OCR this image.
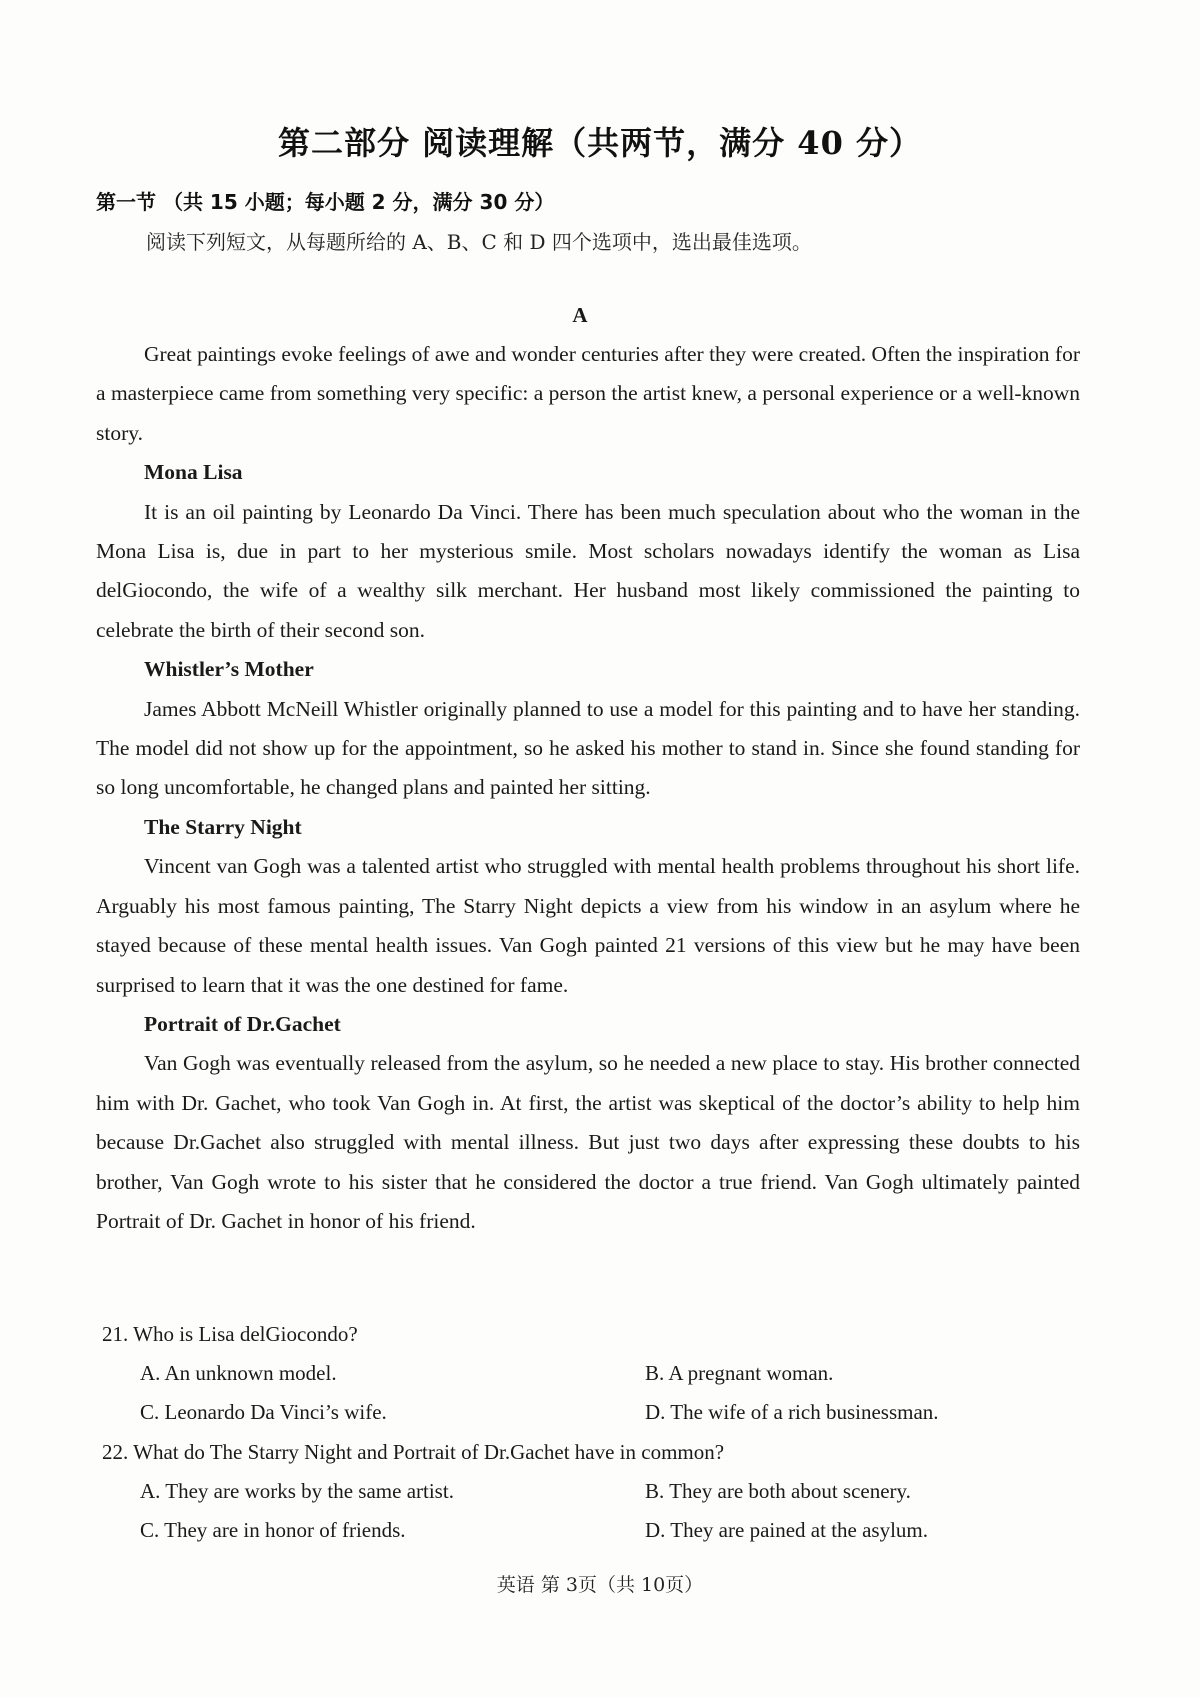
第二部分 阅读理解（共两节，满分 40 分）
第一节 （共 15 小题；每小题 2 分，满分 30 分）
阅读下列短文，从每题所给的 A、B、C 和 D 四个选项中，选出最佳选项。
A

Great paintings evoke feelings of awe and wonder centuries after they were created. Often the inspiration for a masterpiece came from something very specific: a person the artist knew, a personal experience or a well-known story.

Mona Lisa

It is an oil painting by Leonardo Da Vinci. There has been much speculation about who the woman in the Mona Lisa is, due in part to her mysterious smile. Most scholars nowadays identify the woman as Lisa delGiocondo, the wife of a wealthy silk merchant. Her husband most likely commissioned the painting to celebrate the birth of their second son.

Whistler’s Mother

James Abbott McNeill Whistler originally planned to use a model for this painting and to have her standing. The model did not show up for the appointment, so he asked his mother to stand in. Since she found standing for so long uncomfortable, he changed plans and painted her sitting.

The Starry Night

Vincent van Gogh was a talented artist who struggled with mental health problems throughout his short life. Arguably his most famous painting, The Starry Night depicts a view from his window in an asylum where he stayed because of these mental health issues. Van Gogh painted 21 versions of this view but he may have been surprised to learn that it was the one destined for fame.

Portrait of Dr.Gachet

Van Gogh was eventually released from the asylum, so he needed a new place to stay. His brother connected him with Dr. Gachet, who took Van Gogh in. At first, the artist was skeptical of the doctor’s ability to help him because Dr.Gachet also struggled with mental illness. But just two days after expressing these doubts to his brother, Van Gogh wrote to his sister that he considered the doctor a true friend. Van Gogh ultimately painted Portrait of Dr. Gachet in honor of his friend.

21. Who is Lisa delGiocondo?

A. An unknown model.	B. A pregnant woman.

C. Leonardo Da Vinci’s wife.	D. The wife of a rich businessman.

22. What do The Starry Night and Portrait of Dr.Gachet have in common?

A. They are works by the same artist.	B. They are both about scenery.

C. They are in honor of friends.	D. They are pained at the asylum.

英语 第 3页（共 10页）
